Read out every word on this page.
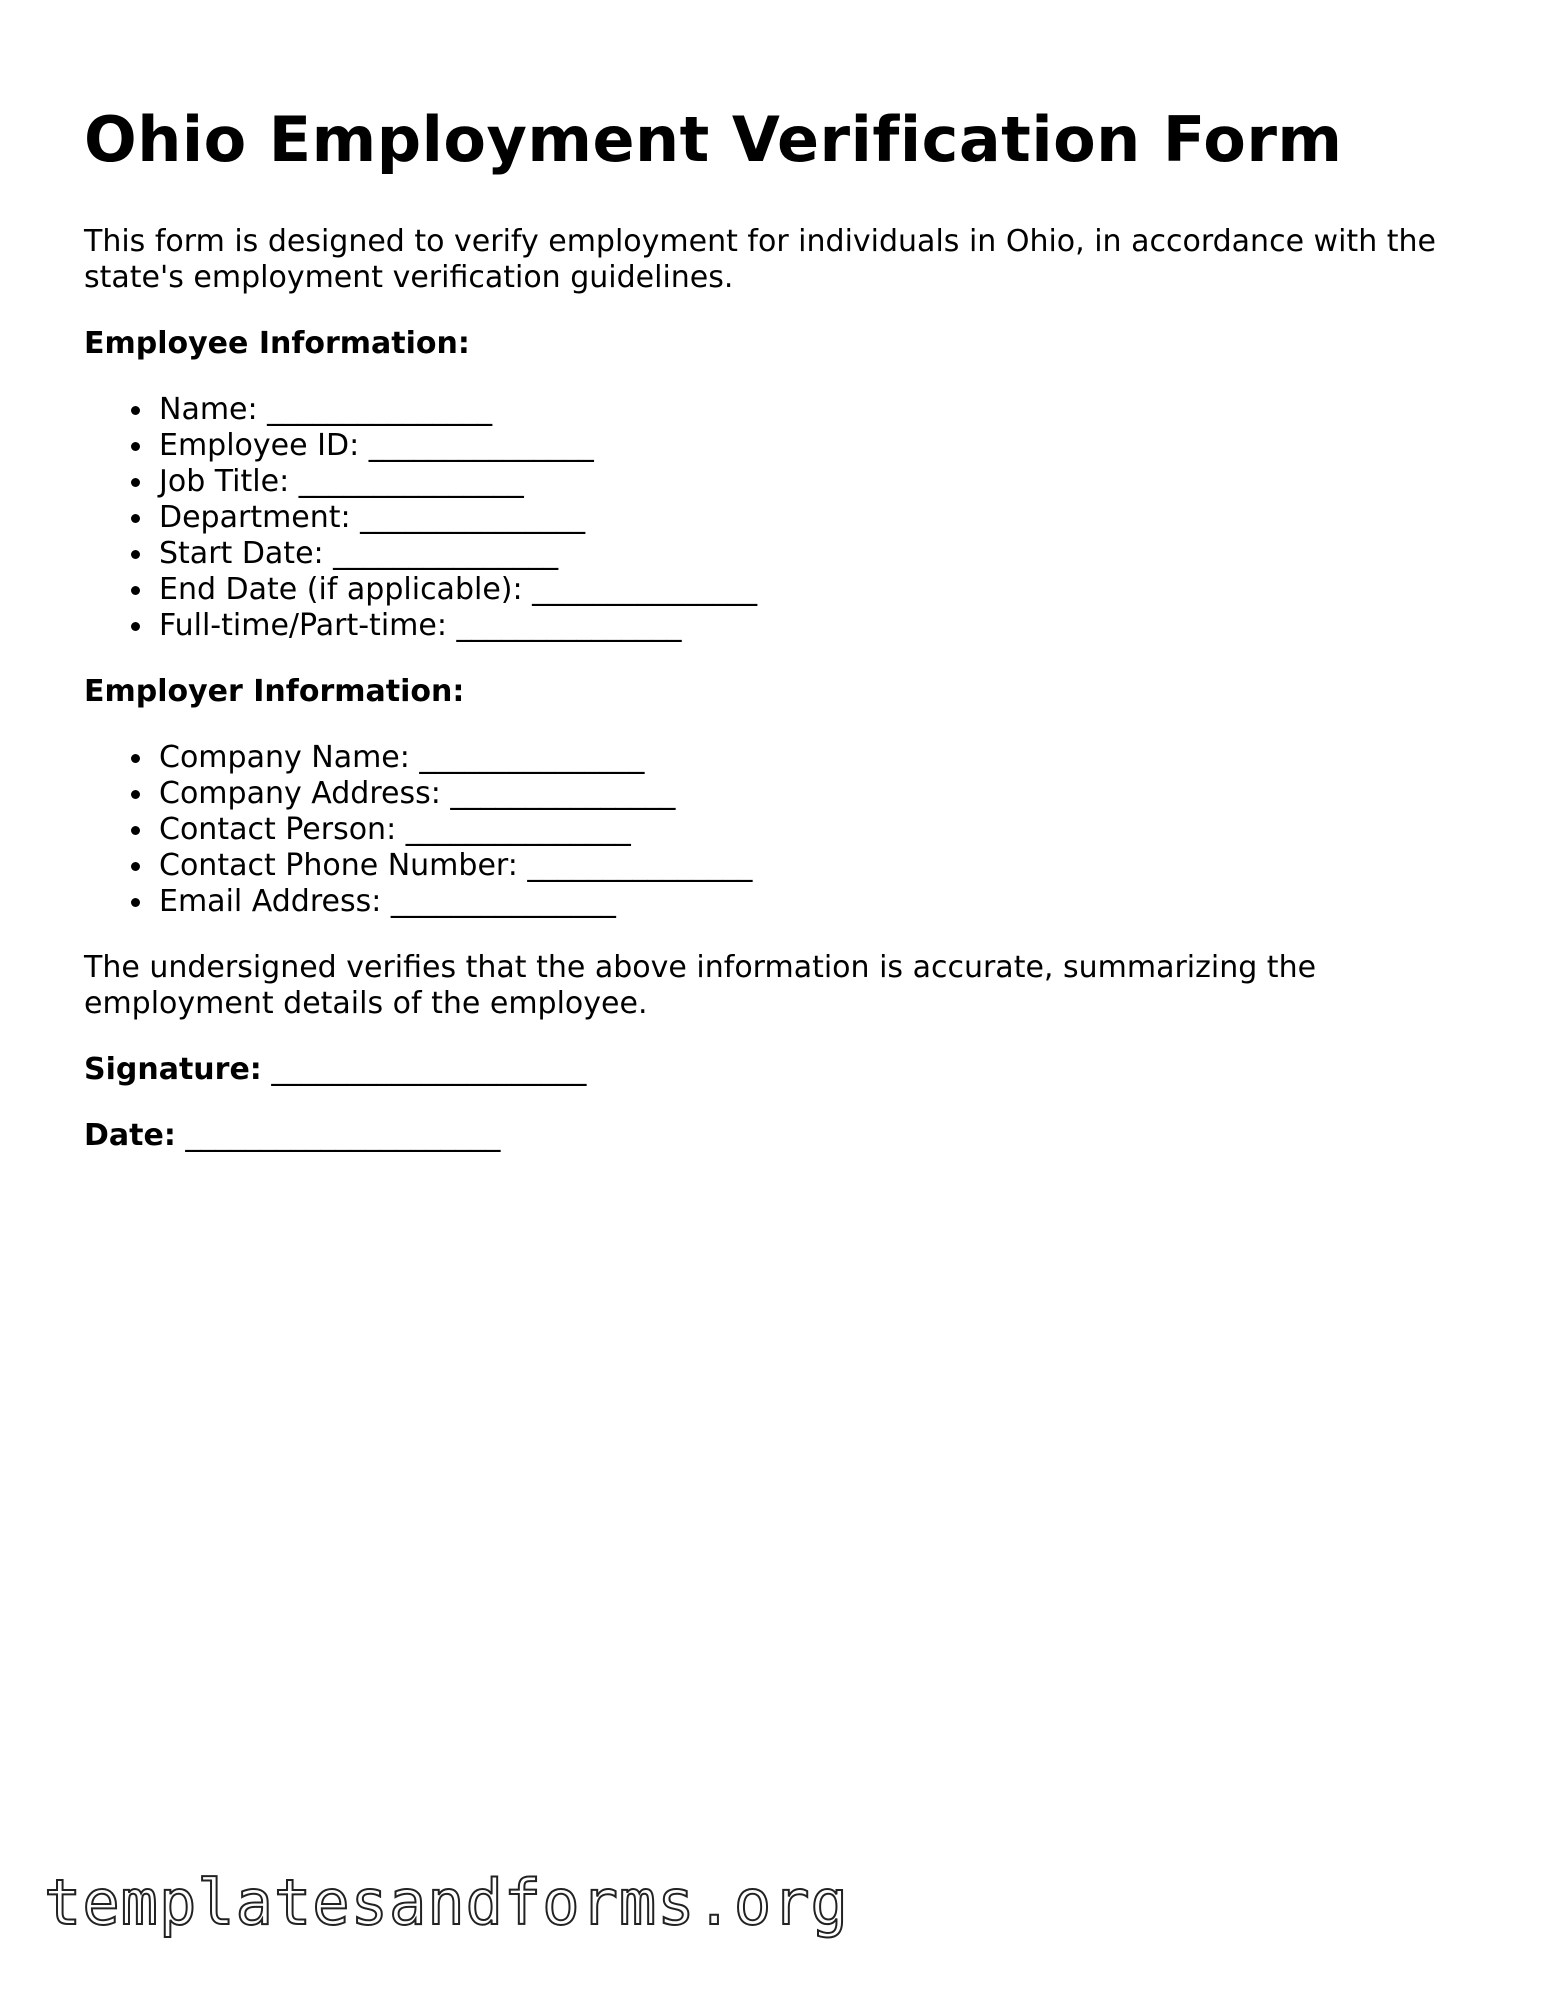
Ohio Employment Verification Form

This form is designed to verify employment for individuals in Ohio, in accordance with the state's employment verification guidelines.

Employee Information:
Name: _______________
Employee ID: _______________
Job Title: _______________
Department: _______________
Start Date: _______________
End Date (if applicable): _______________
Full-time/Part-time: _______________
Employer Information:
Company Name: _______________
Company Address: _______________
Contact Person: _______________
Contact Phone Number: _______________
Email Address: _______________

The undersigned verifies that the above information is accurate, summarizing the employment details of the employee.

Signature: _____________________
Date: _____________________
templatesandforms.org
